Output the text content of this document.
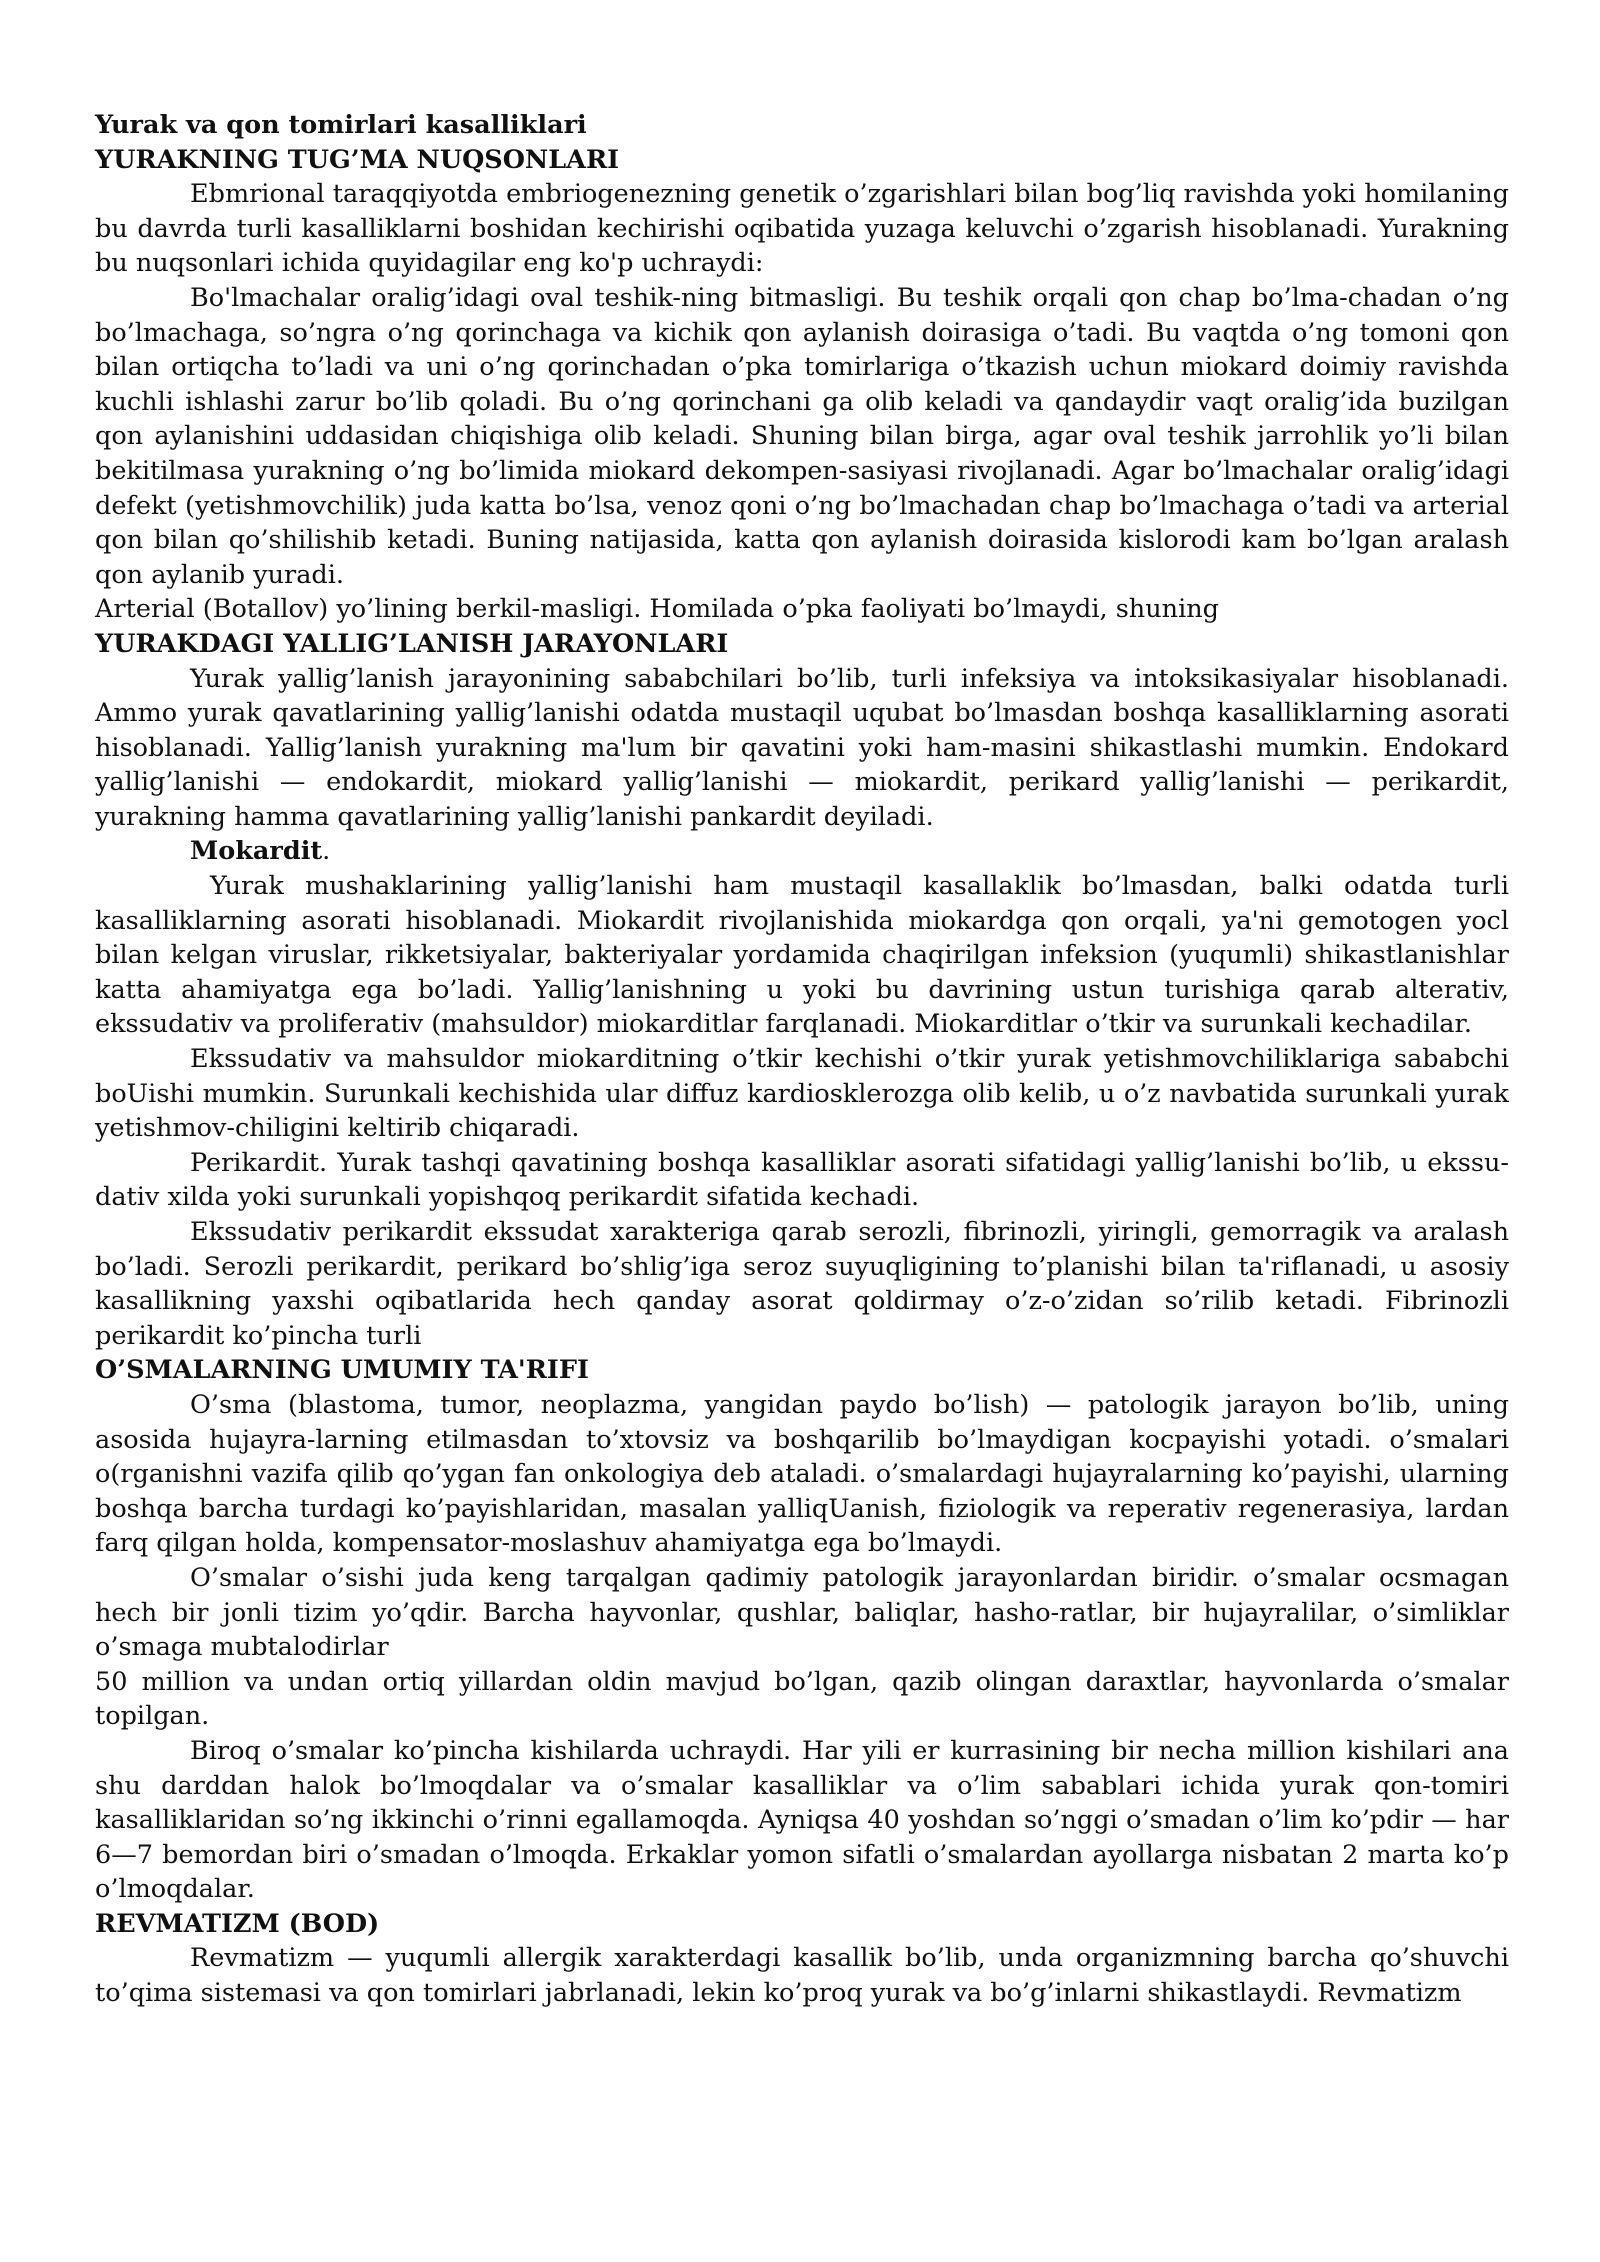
Yurak va qon tomirlari kasalliklari

YURAKNING TUG’MA NUQSONLARI

Ebmrional taraqqiyotda embriogenezning genetik o’zgarishlari bilan bog’liq ravishda yoki homilaning bu davrda turli kasalliklarni boshidan kechirishi oqibatida yuzaga keluvchi o’zgarish hisoblanadi. Yurakning bu nuqsonlari ichida quyidagilar eng ko'p uchraydi:

Bo'lmachalar oralig’idagi oval teshik-ning bitmasligi. Bu teshik orqali qon chap bo’lma-chadan o’ng bo’lmachaga, so’ngra o’ng qorinchaga va kichik qon aylanish doirasiga o’tadi. Bu vaqtda o’ng tomoni qon bilan ortiqcha to’ladi va uni o’ng qorinchadan o’pka tomirlariga o’tkazish uchun miokard doimiy ravishda kuchli ishlashi zarur bo’lib qoladi. Bu o’ng qorinchani ga olib keladi va qandaydir vaqt oralig’ida buzilgan qon aylanishini uddasidan chiqishiga olib keladi. Shuning bilan birga, agar oval teshik jarrohlik yo’li bilan bekitilmasa yurakning o’ng bo’limida miokard dekompen-sasiyasi rivojlanadi. Agar bo’lmachalar oralig’idagi defekt (yetishmovchilik) juda katta bo’lsa, venoz qoni o’ng bo’lmachadan chap bo’lmachaga o’tadi va arterial qon bilan qo’shilishib ketadi. Buning natijasida, katta qon aylanish doirasida kislorodi kam bo’lgan aralash qon aylanib yuradi.

Arterial (Botallov) yo’lining berkil-masligi. Homilada o’pka faoliyati bo’lmaydi, shuning

YURAKDAGI YALLIG’LANISH JARAYONLARI

Yurak yallig’lanish jarayonining sababchilari bo’lib, turli infeksiya va intoksikasiyalar hisoblanadi. Ammo yurak qavatlarining yallig’lanishi odatda mustaqil uqubat bo’lmasdan boshqa kasalliklarning asorati hisoblanadi. Yallig’lanish yurakning ma'lum bir qavatini yoki ham-masini shikastlashi mumkin. Endokard yallig’lanishi — endokardit, miokard yallig’lanishi — miokardit, perikard yallig’lanishi — perikardit, yurakning hamma qavatlarining yallig’lanishi pankardit deyiladi.

Mokardit.

Yurak mushaklarining yallig’lanishi ham mustaqil kasallaklik bo’lmasdan, balki odatda turli kasalliklarning asorati hisoblanadi. Miokardit rivojlanishida miokardga qon orqali, ya'ni gemotogen yocl bilan kelgan viruslar, rikketsiyalar, bakteriyalar yordamida chaqirilgan infeksion (yuqumli) shikastlanishlar katta ahamiyatga ega bo’ladi. Yallig’lanishning u yoki bu davrining ustun turishiga qarab alterativ, ekssudativ va proliferativ (mahsuldor) miokarditlar farqlanadi. Miokarditlar o’tkir va surunkali kechadilar.

Ekssudativ va mahsuldor miokarditning o’tkir kechishi o’tkir yurak yetishmovchiliklariga sababchi boUishi mumkin. Surunkali kechishida ular diffuz kardiosklerozga olib kelib, u o’z navbatida surunkali yurak yetishmov-chiligini keltirib chiqaradi.

Perikardit. Yurak tashqi qavatining boshqa kasalliklar asorati sifatidagi yallig’lanishi bo’lib, u ekssu-dativ xilda yoki surunkali yopishqoq perikardit sifatida kechadi.

Ekssudativ perikardit ekssudat xarakteriga qarab serozli, fibrinozli, yiringli, gemorragik va aralash bo’ladi. Serozli perikardit, perikard bo’shlig’iga seroz suyuqligining to’planishi bilan ta'riflanadi, u asosiy kasallikning yaxshi oqibatlarida hech qanday asorat qoldirmay o’z-o’zidan so’rilib ketadi. Fibrinozli perikardit ko’pincha turli

O’SMALARNING UMUMIY TA'RIFI

O’sma (blastoma, tumor, neoplazma, yangidan paydo bo’lish) — patologik jarayon bo’lib, uning asosida hujayra-larning etilmasdan to’xtovsiz va boshqarilib bo’lmaydigan kocpayishi yotadi. o’smalari o(rganishni vazifa qilib qo’ygan fan onkologiya deb ataladi. o’smalardagi hujayralarning ko’payishi, ularning boshqa barcha turdagi ko’payishlaridan, masalan yalliqUanish, fiziologik va reperativ regenerasiya, lardan farq qilgan holda, kompensator-moslashuv ahamiyatga ega bo’lmaydi.

O’smalar o’sishi juda keng tarqalgan qadimiy patologik jarayonlardan biridir. o’smalar ocsmagan hech bir jonli tizim yo’qdir. Barcha hayvonlar, qushlar, baliqlar, hasho-ratlar, bir hujayralilar, o’simliklar o’smaga mubtalodirlar

50 million va undan ortiq yillardan oldin mavjud bo’lgan, qazib olingan daraxtlar, hayvonlarda o’smalar topilgan.

Biroq o’smalar ko’pincha kishilarda uchraydi. Har yili er kurrasining bir necha million kishilari ana shu darddan halok bo’lmoqdalar va o’smalar kasalliklar va o’lim sabablari ichida yurak qon-tomiri kasalliklaridan so’ng ikkinchi o’rinni egallamoqda. Ayniqsa 40 yoshdan so’nggi o’smadan o’lim ko’pdir — har 6—7 bemordan biri o’smadan o’lmoqda. Erkaklar yomon sifatli o’smalardan ayollarga nisbatan 2 marta ko’p o’lmoqdalar.

REVMATIZM (BOD)

Revmatizm — yuqumli allergik xarakterdagi kasallik bo’lib, unda organizmning barcha qo’shuvchi to’qima sistemasi va qon tomirlari jabrlanadi, lekin ko’proq yurak va bo’g’inlarni shikastlaydi. Revmatizm
